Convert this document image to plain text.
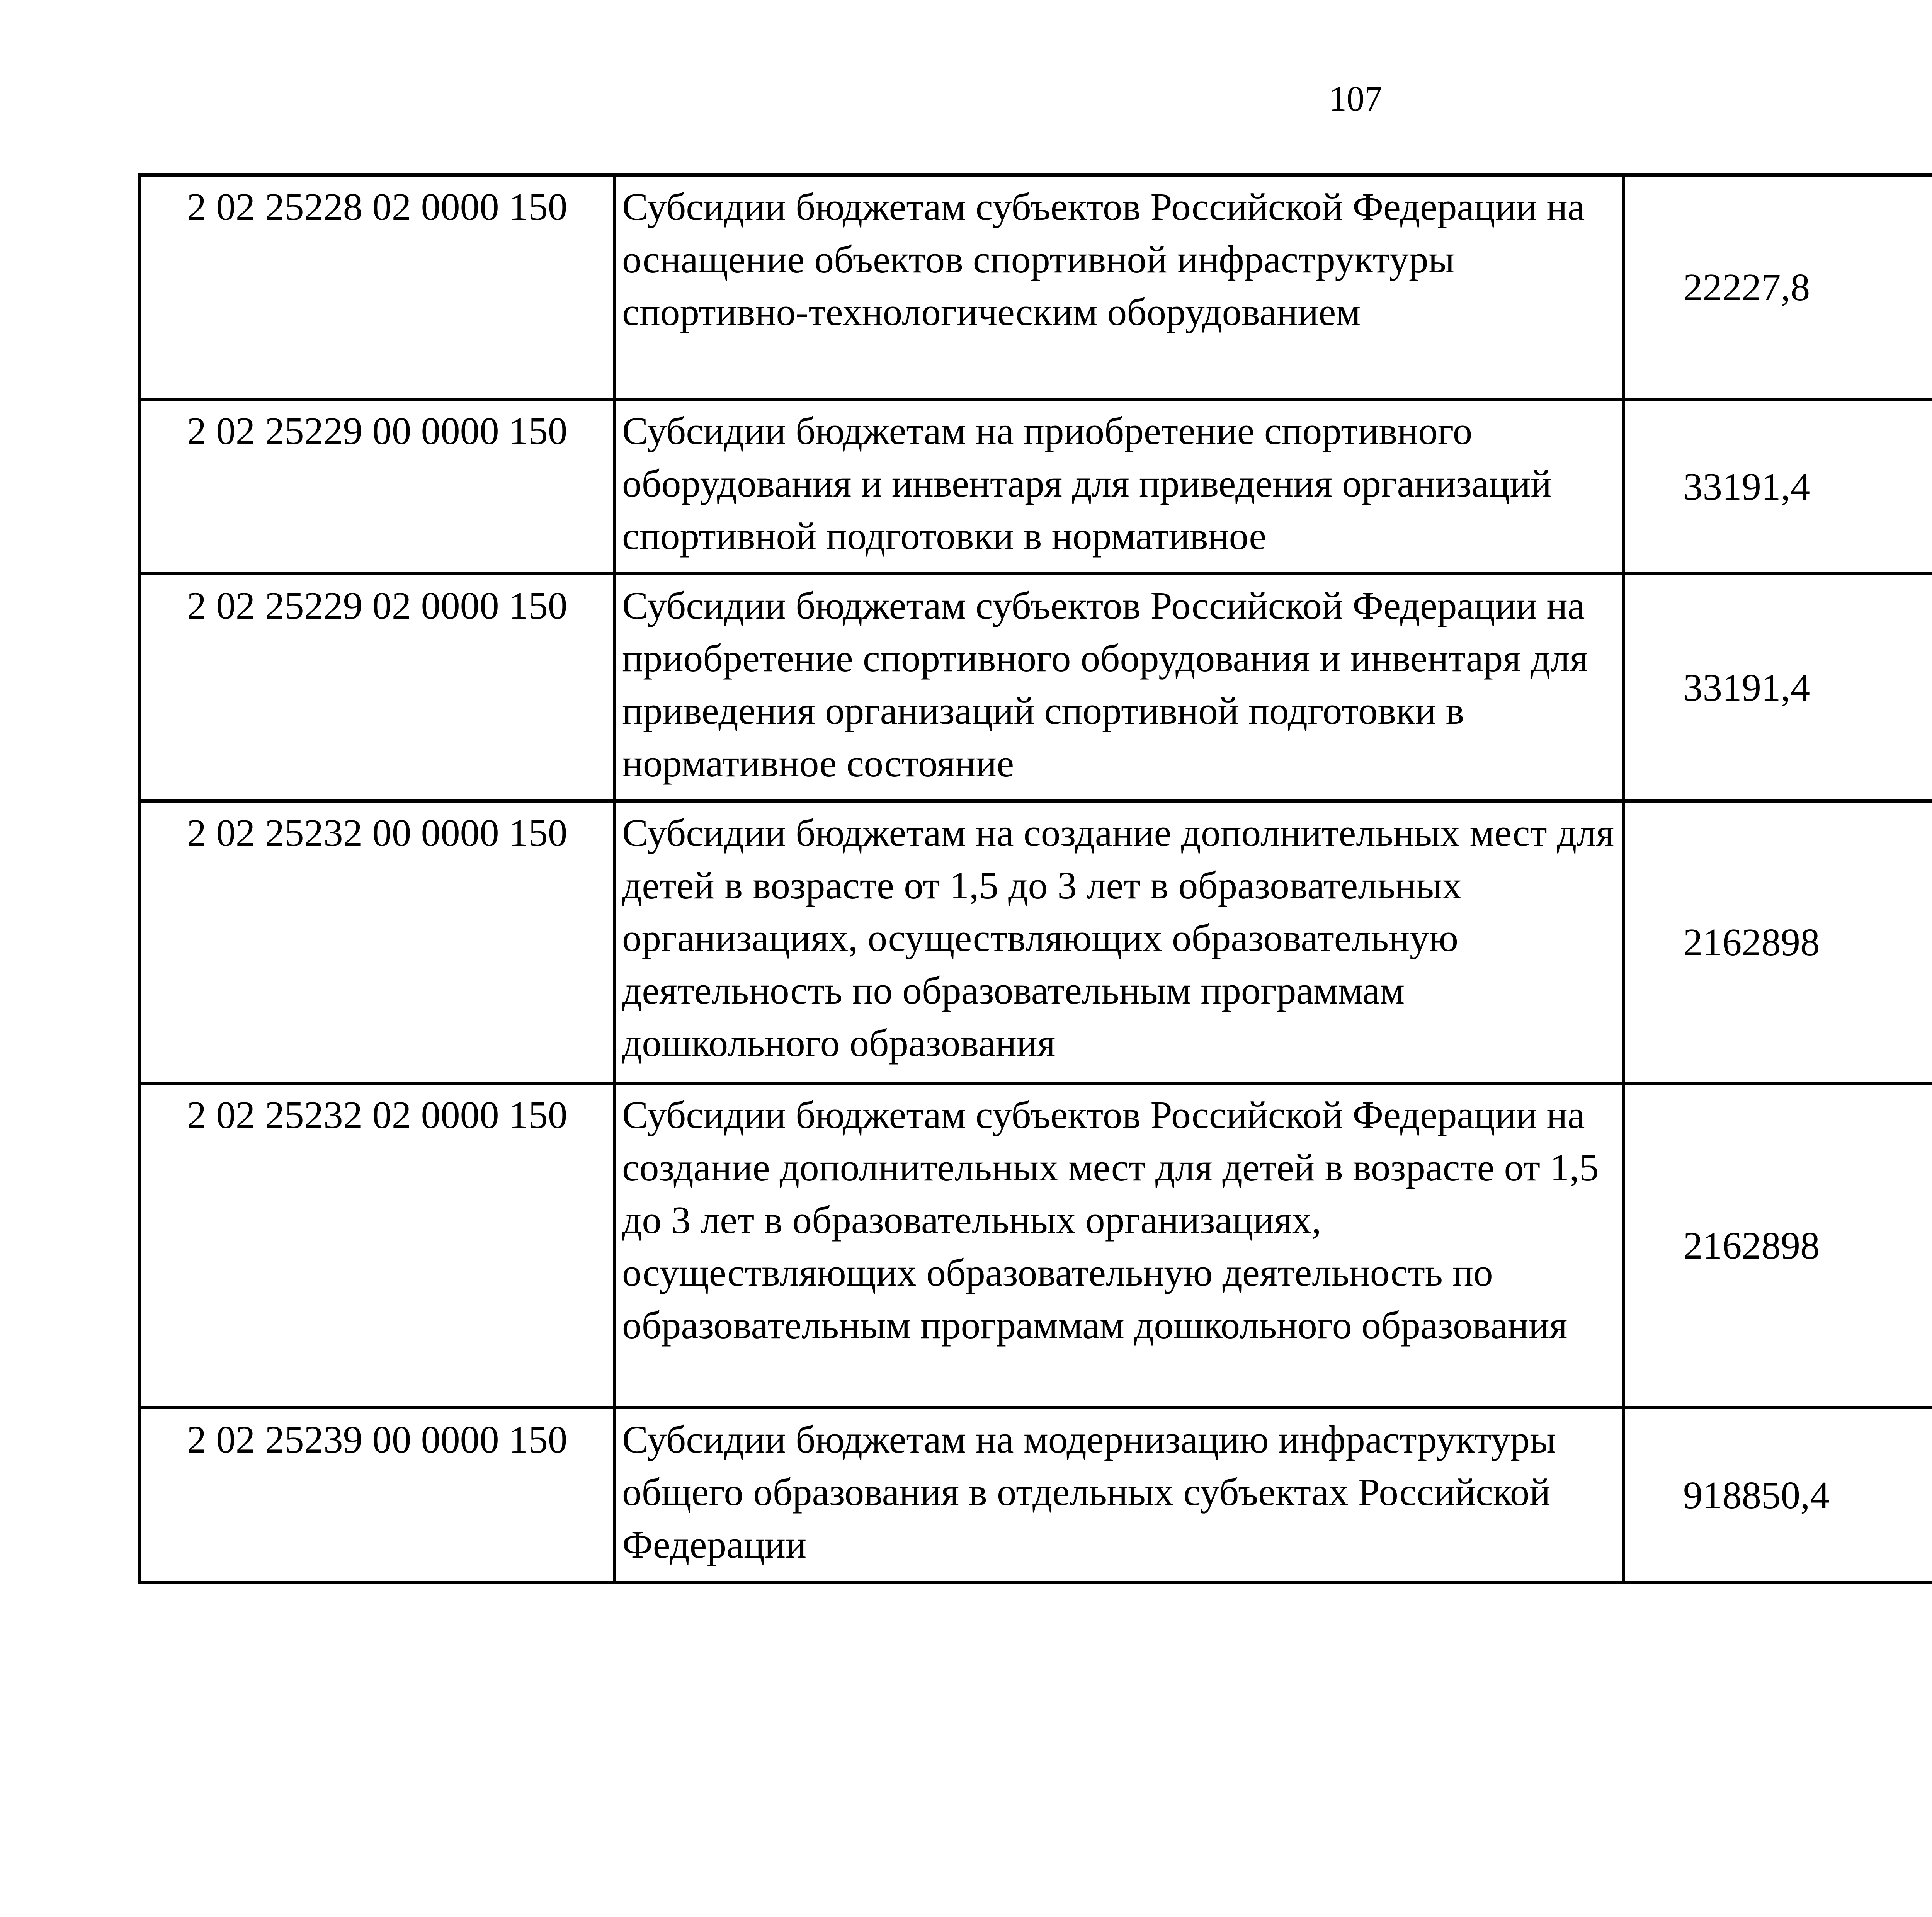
107
2 02 25228 02 0000 150	Субсидии бюджетам субъектов Российской Федерации на оснащение объектов спортивной инфраструктуры спортивно-технологическим оборудованием	22227,8		
2 02 25229 00 0000 150	Субсидии бюджетам на приобретение спортивного оборудования и инвентаря для приведения организаций спортивной подготовки в нормативное	33191,4		
2 02 25229 02 0000 150	Субсидии бюджетам субъектов Российской Федерации на приобретение спортивного оборудования и инвентаря для приведения организаций спортивной подготовки в нормативное состояние	33191,4		
2 02 25232 00 0000 150	Субсидии бюджетам на создание дополнительных мест для детей в возрасте от 1,5 до 3 лет в образовательных организациях, осуществляющих образовательную деятельность по образовательным программам дошкольного образования	2162898		
2 02 25232 02 0000 150	Субсидии бюджетам субъектов Российской Федерации на создание дополнительных мест для детей в возрасте от 1,5 до 3 лет в образовательных организациях, осуществляющих образовательную деятельность по образовательным программам дошкольного образования	2162898		
2 02 25239 00 0000 150	Субсидии бюджетам на модернизацию инфраструктуры общего образования в отдельных субъектах Российской Федерации	918850,4		
